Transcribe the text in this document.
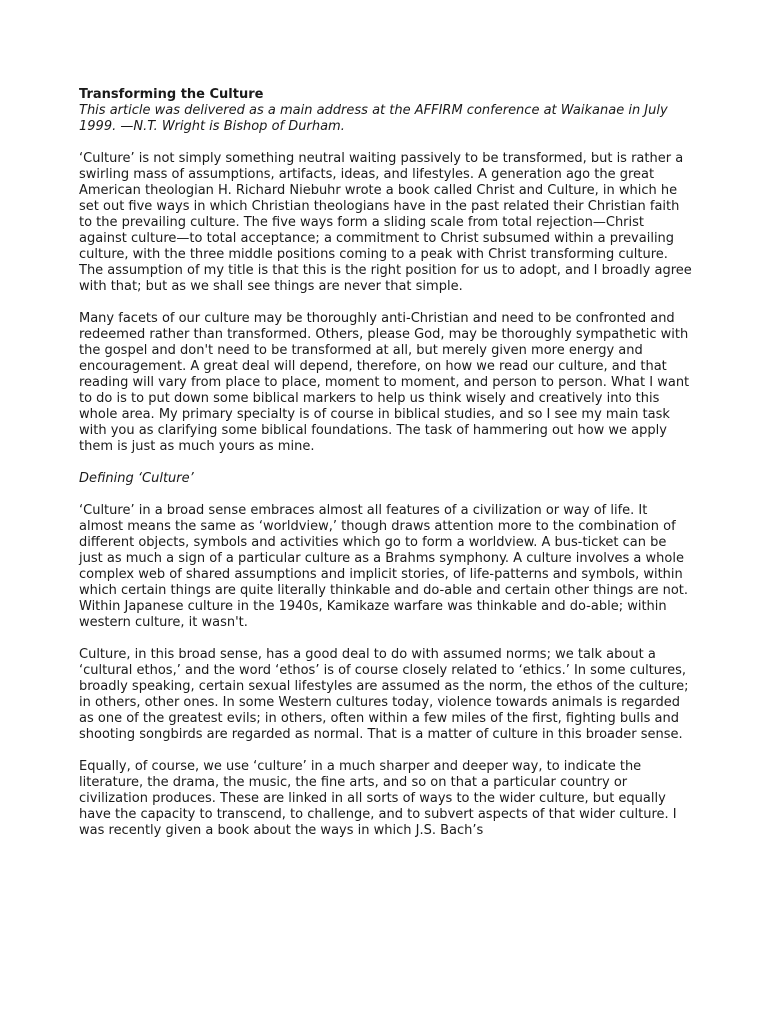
Transforming the Culture
This article was delivered as a main address at the AFFIRM conference at Waikanae in July 1999. —N.T. Wright is Bishop of Durham.

‘Culture’ is not simply something neutral waiting passively to be transformed, but is rather a swirling mass of assumptions, artifacts, ideas, and lifestyles. A generation ago the great American theologian H. Richard Niebuhr wrote a book called Christ and Culture, in which he set out five ways in which Christian theologians have in the past related their Christian faith to the prevailing culture. The five ways form a sliding scale from total rejection—Christ against culture—to total acceptance; a commitment to Christ subsumed within a prevailing culture, with the three middle positions coming to a peak with Christ transforming culture. The assumption of my title is that this is the right position for us to adopt, and I broadly agree with that; but as we shall see things are never that simple.

Many facets of our culture may be thoroughly anti-Christian and need to be confronted and redeemed rather than transformed. Others, please God, may be thoroughly sympathetic with the gospel and don't need to be transformed at all, but merely given more energy and encouragement. A great deal will depend, therefore, on how we read our culture, and that reading will vary from place to place, moment to moment, and person to person. What I want to do is to put down some biblical markers to help us think wisely and creatively into this whole area. My primary specialty is of course in biblical studies, and so I see my main task with you as clarifying some biblical foundations. The task of hammering out how we apply them is just as much yours as mine.

Defining ‘Culture’

‘Culture’ in a broad sense embraces almost all features of a civilization or way of life. It almost means the same as ‘worldview,’ though draws attention more to the combination of different objects, symbols and activities which go to form a worldview. A bus-ticket can be just as much a sign of a particular culture as a Brahms symphony. A culture involves a whole complex web of shared assumptions and implicit stories, of life-patterns and symbols, within which certain things are quite literally thinkable and do-able and certain other things are not. Within Japanese culture in the 1940s, Kamikaze warfare was thinkable and do-able; within western culture, it wasn't.

Culture, in this broad sense, has a good deal to do with assumed norms; we talk about a ‘cultural ethos,’ and the word ‘ethos’ is of course closely related to ‘ethics.’ In some cultures, broadly speaking, certain sexual lifestyles are assumed as the norm, the ethos of the culture; in others, other ones. In some Western cultures today, violence towards animals is regarded as one of the greatest evils; in others, often within a few miles of the first, fighting bulls and shooting songbirds are regarded as normal. That is a matter of culture in this broader sense.

Equally, of course, we use ‘culture’ in a much sharper and deeper way, to indicate the literature, the drama, the music, the fine arts, and so on that a particular country or civilization produces. These are linked in all sorts of ways to the wider culture, but equally have the capacity to transcend, to challenge, and to subvert aspects of that wider culture. I was recently given a book about the ways in which J.S. Bach’s
